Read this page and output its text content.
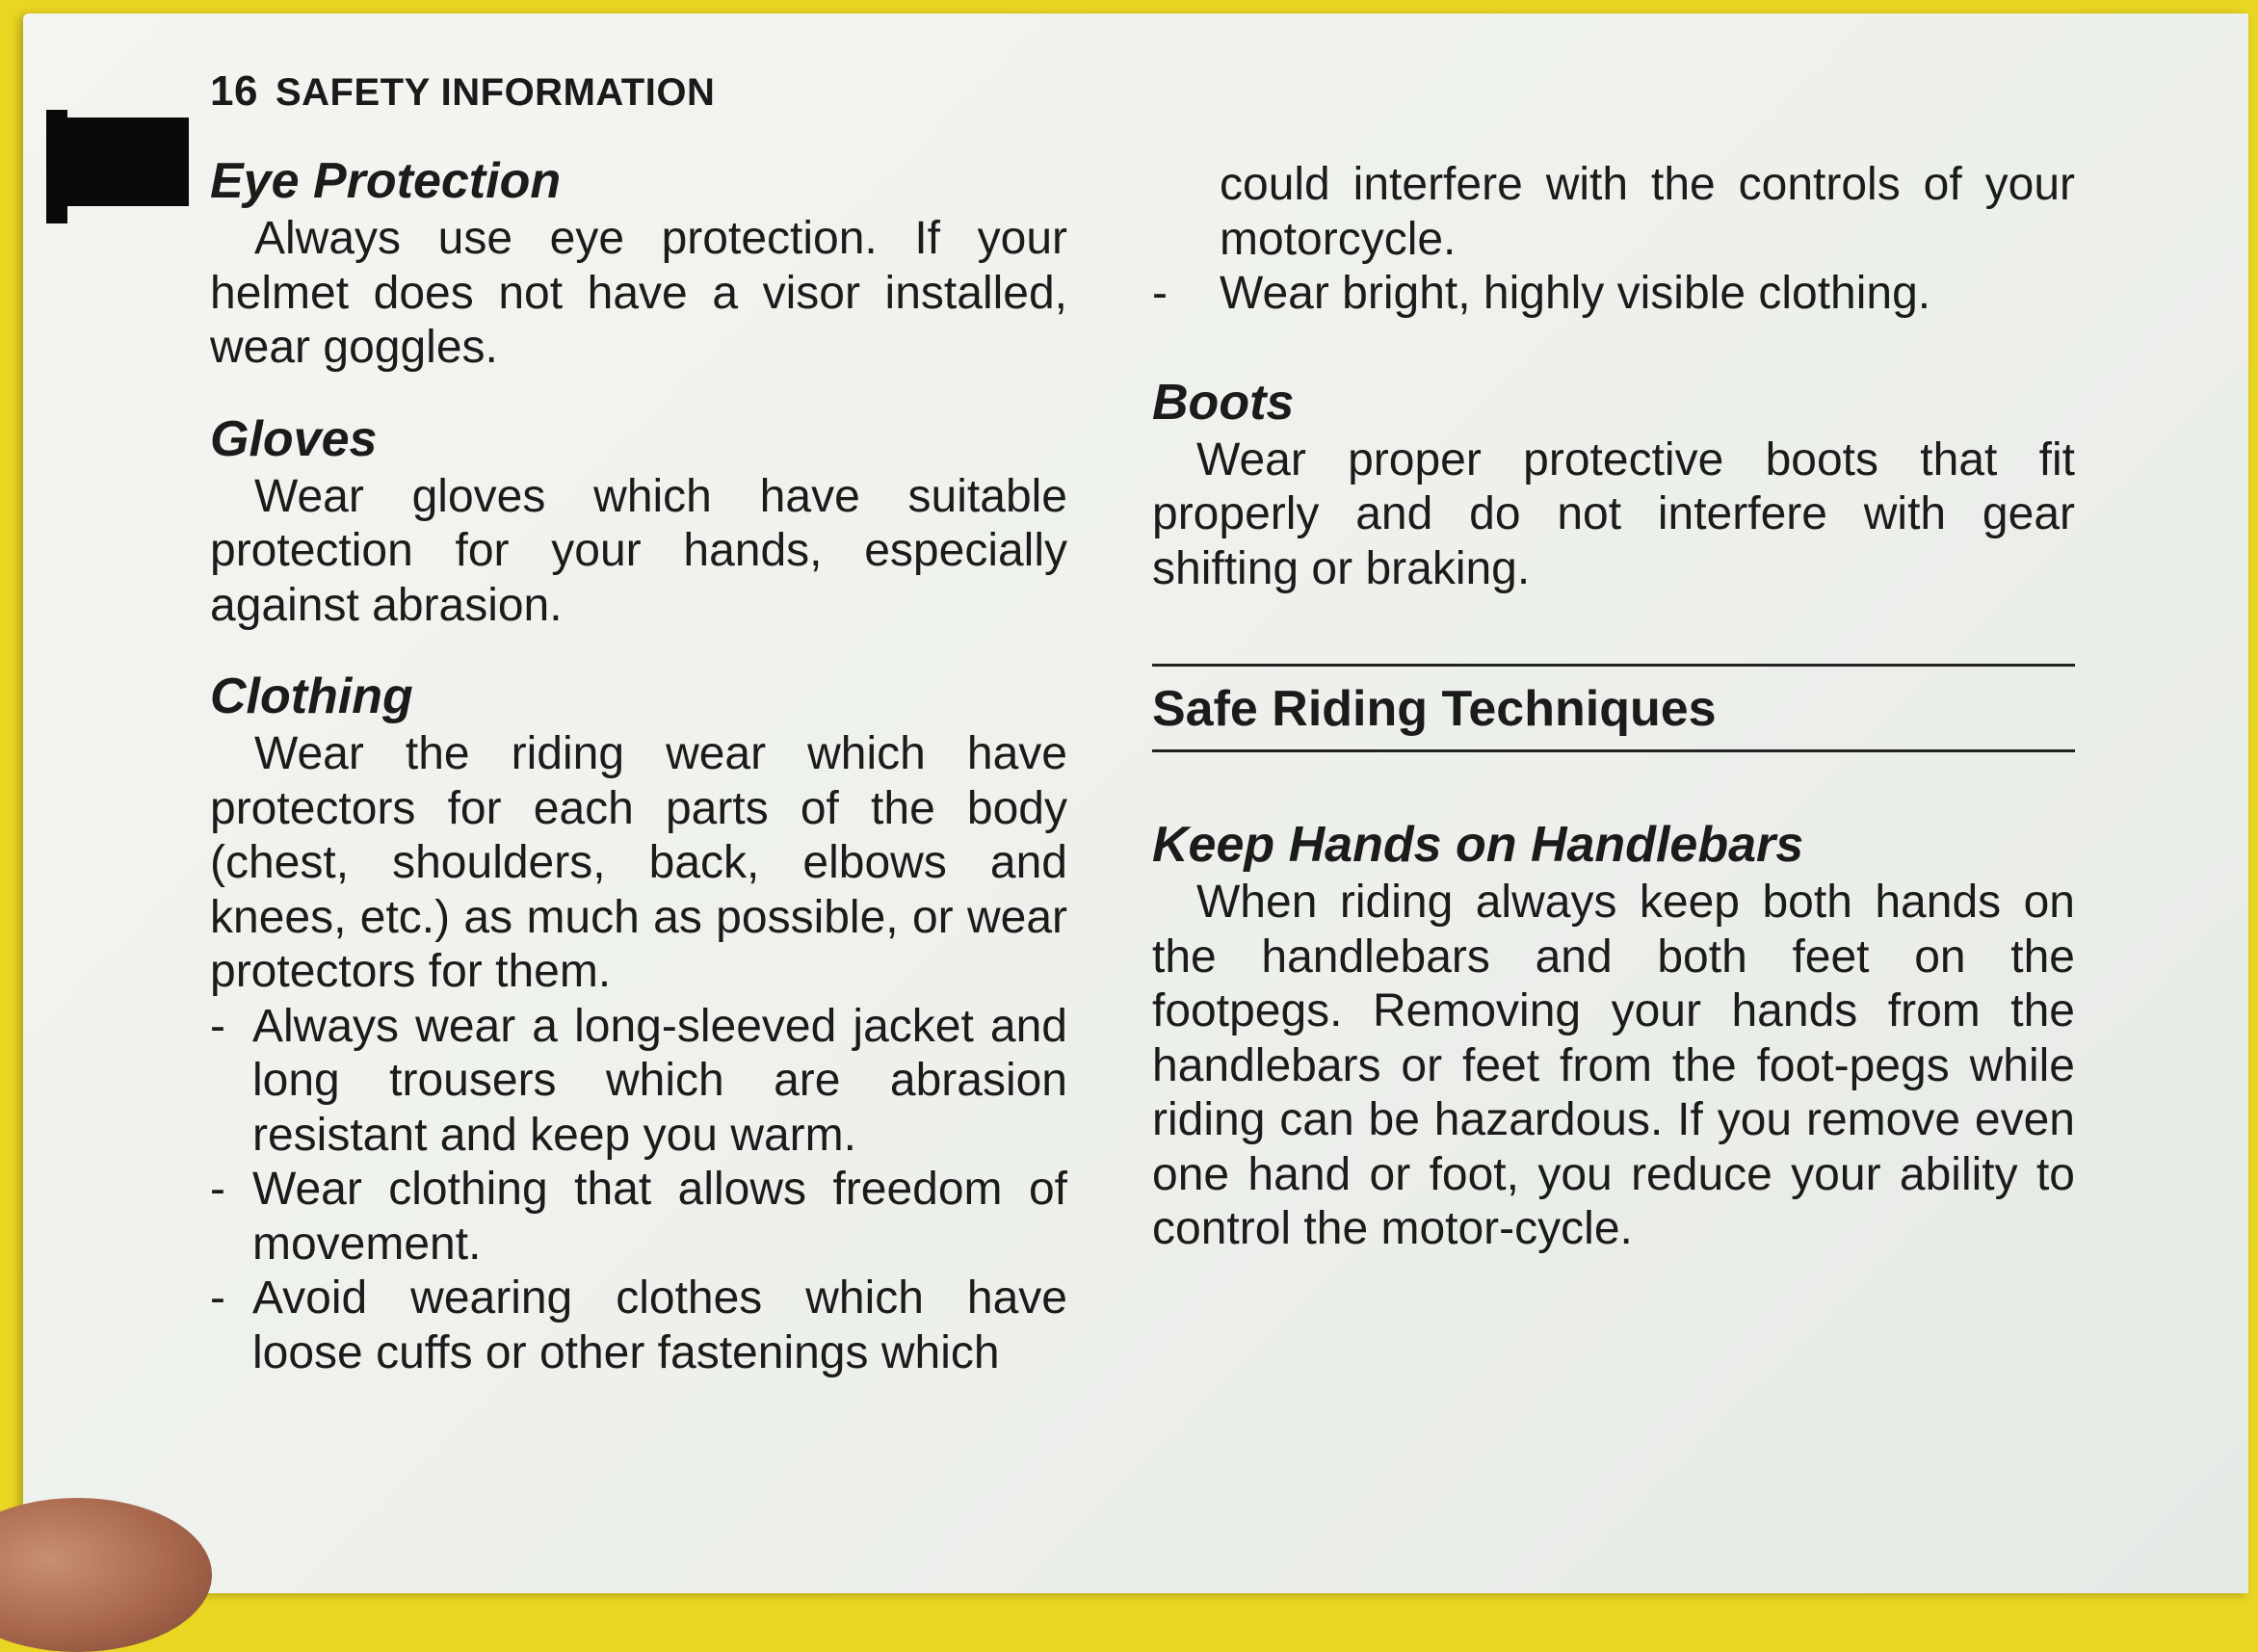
16 SAFETY INFORMATION
Eye Protection

Always use eye protection. If your helmet does not have a visor installed, wear goggles.

Gloves

Wear gloves which have suitable protection for your hands, especially against abrasion.

Clothing

Wear the riding wear which have protectors for each parts of the body (chest, shoulders, back, elbows and knees, etc.) as much as possible, or wear protectors for them.

- Always wear a long-sleeved jacket and long trousers which are abrasion resistant and keep you warm.
- Wear clothing that allows freedom of movement.
- Avoid wearing clothes which have loose cuffs or other fastenings which

could interfere with the controls of your motorcycle.

- Wear bright, highly visible clothing.
Boots

Wear proper protective boots that fit properly and do not interfere with gear shifting or braking.

Safe Riding Techniques
Keep Hands on Handlebars

When riding always keep both hands on the handlebars and both feet on the footpegs. Removing your hands from the handlebars or feet from the foot-pegs while riding can be hazardous. If you remove even one hand or foot, you reduce your ability to control the motor-cycle.
